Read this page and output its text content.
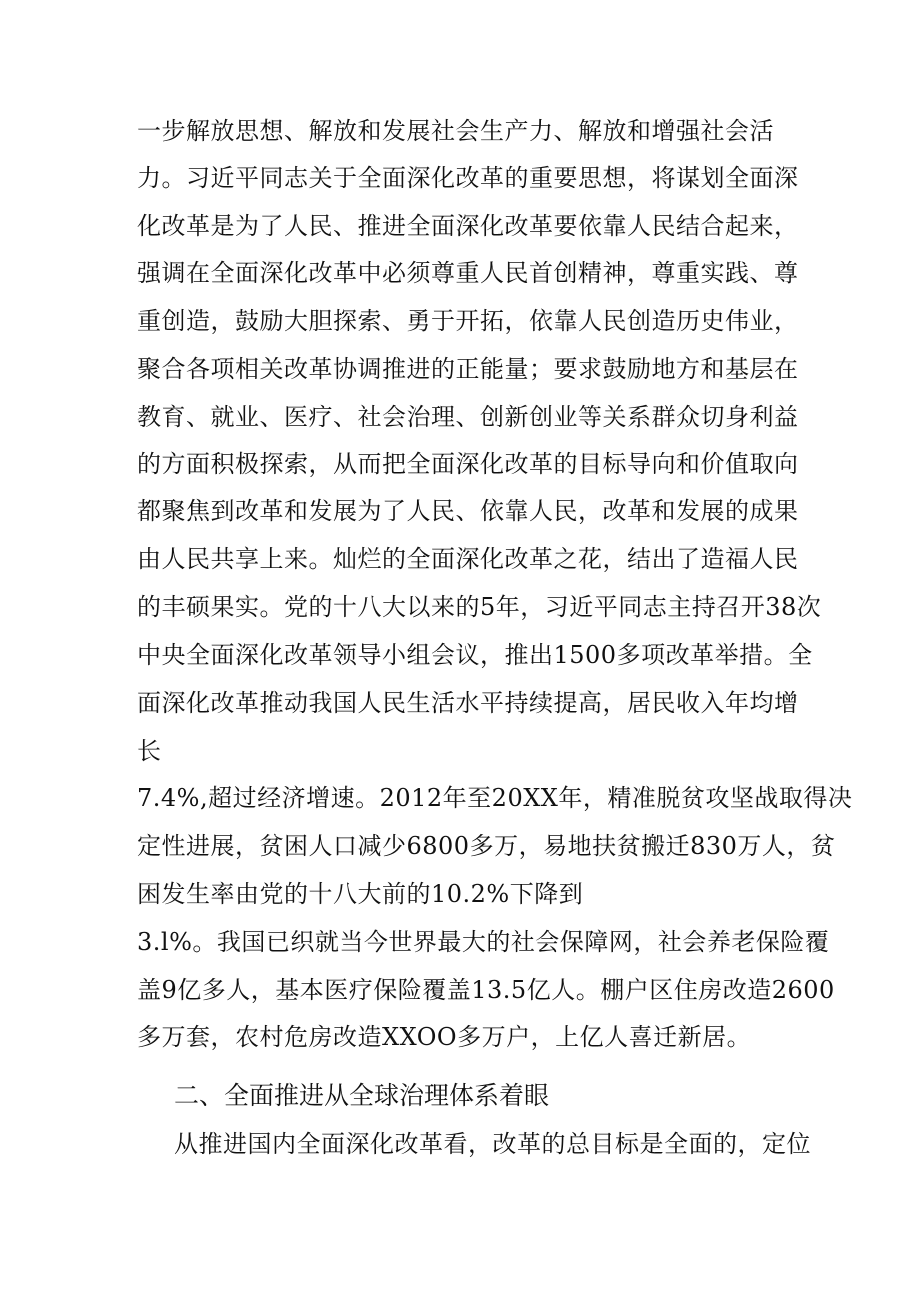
一步解放思想、解放和发展社会生产力、解放和增强社会活
力。习近平同志关于全面深化改革的重要思想，将谋划全面深
化改革是为了人民、推进全面深化改革要依靠人民结合起来，
强调在全面深化改革中必须尊重人民首创精神，尊重实践、尊
重创造，鼓励大胆探索、勇于开拓，依靠人民创造历史伟业，
聚合各项相关改革协调推进的正能量；要求鼓励地方和基层在
教育、就业、医疗、社会治理、创新创业等关系群众切身利益
的方面积极探索，从而把全面深化改革的目标导向和价值取向
都聚焦到改革和发展为了人民、依靠人民，改革和发展的成果
由人民共享上来。灿烂的全面深化改革之花，结出了造福人民
的丰硕果实。党的十八大以来的5年，习近平同志主持召开38次
中央全面深化改革领导小组会议，推出1500多项改革举措。全
面深化改革推动我国人民生活水平持续提高，居民收入年均增
长
7.4%,超过经济增速。2012年至20XX年，精准脱贫攻坚战取得决
定性进展，贫困人口减少6800多万，易地扶贫搬迁830万人，贫
困发生率由党的十八大前的10.2%下降到
3.l%。我国已织就当今世界最大的社会保障网，社会养老保险覆
盖9亿多人，基本医疗保险覆盖13.5亿人。棚户区住房改造2600
多万套，农村危房改造XXOO多万户，上亿人喜迁新居。
二、全面推进从全球治理体系着眼
从推进国内全面深化改革看，改革的总目标是全面的，定位
